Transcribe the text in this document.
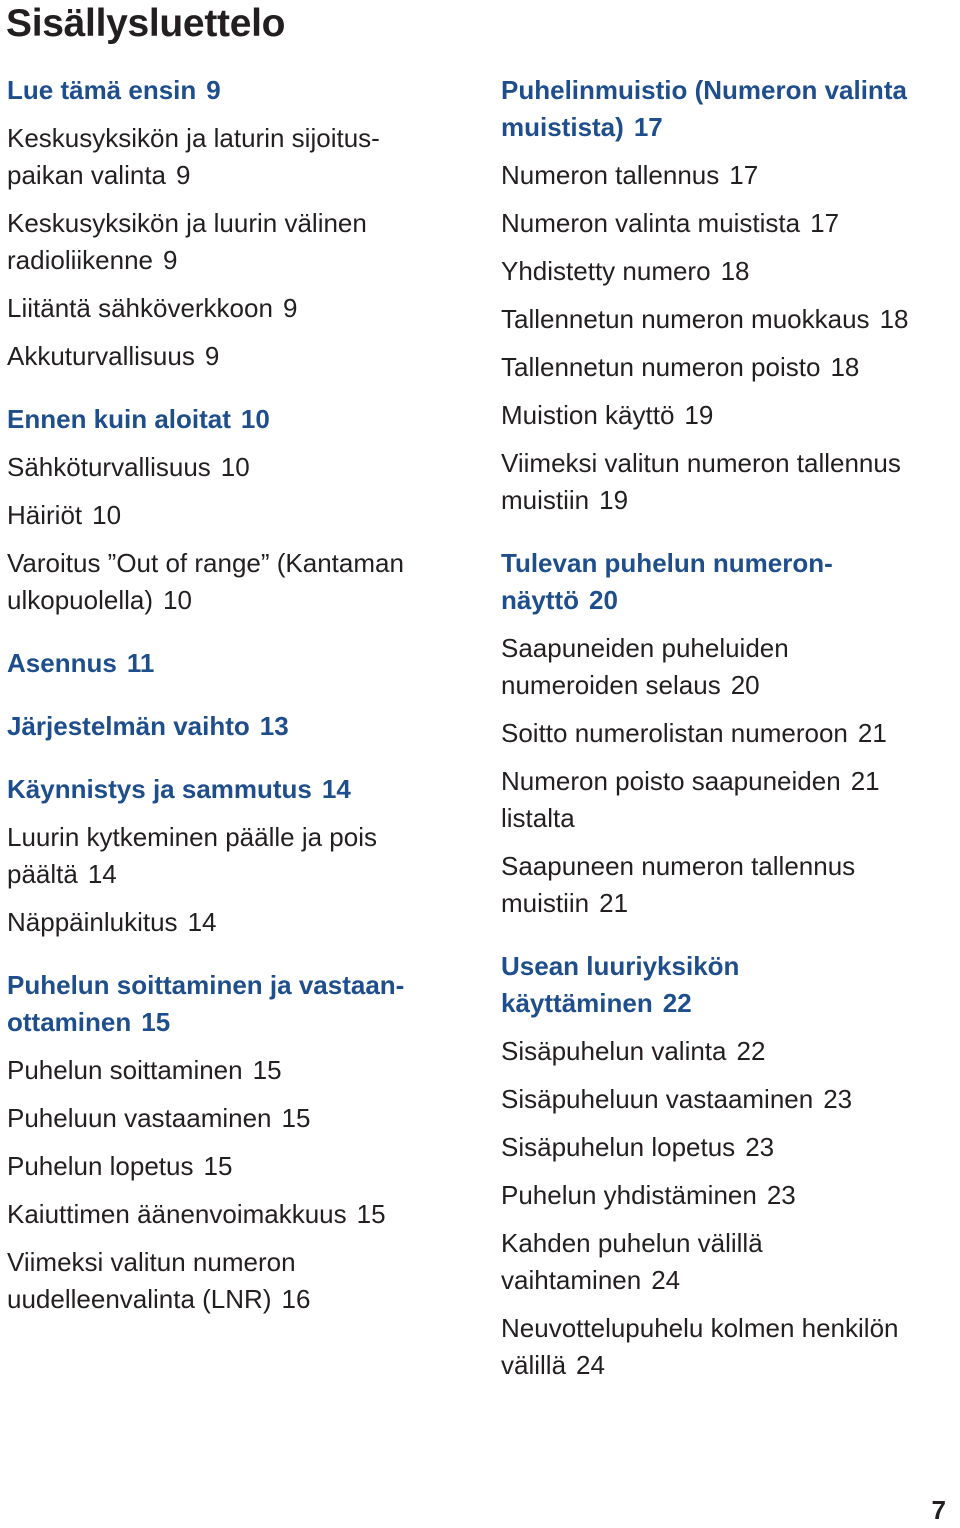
Sisällysluettelo
Lue tämä ensin 9
Keskusyksikön ja laturin sijoitus-
paikan valinta 9
Keskusyksikön ja luurin välinen
radioliikenne 9
Liitäntä sähköverkkoon 9
Akkuturvallisuus 9
Ennen kuin aloitat 10
Sähköturvallisuus 10
Häiriöt 10
Varoitus ”Out of range” (Kantaman
ulkopuolella) 10
Asennus 11
Järjestelmän vaihto 13
Käynnistys ja sammutus 14
Luurin kytkeminen päälle ja pois
päältä 14
Näppäinlukitus 14
Puhelun soittaminen ja vastaan-
ottaminen 15
Puhelun soittaminen 15
Puheluun vastaaminen 15
Puhelun lopetus 15
Kaiuttimen äänenvoimakkuus 15
Viimeksi valitun numeron
uudelleenvalinta (LNR) 16
Puhelinmuistio (Numeron valinta
muistista) 17
Numeron tallennus 17
Numeron valinta muistista 17
Yhdistetty numero 18
Tallennetun numeron muokkaus 18
Tallennetun numeron poisto 18
Muistion käyttö 19
Viimeksi valitun numeron tallennus
muistiin 19
Tulevan puhelun numeron-
näyttö 20
Saapuneiden puheluiden
numeroiden selaus 20
Soitto numerolistan numeroon 21
Numeron poisto saapuneiden 21
listalta
Saapuneen numeron tallennus
muistiin 21
Usean luuriyksikön
käyttäminen 22
Sisäpuhelun valinta 22
Sisäpuheluun vastaaminen 23
Sisäpuhelun lopetus 23
Puhelun yhdistäminen 23
Kahden puhelun välillä
vaihtaminen 24
Neuvottelupuhelu kolmen henkilön
välillä 24
7
